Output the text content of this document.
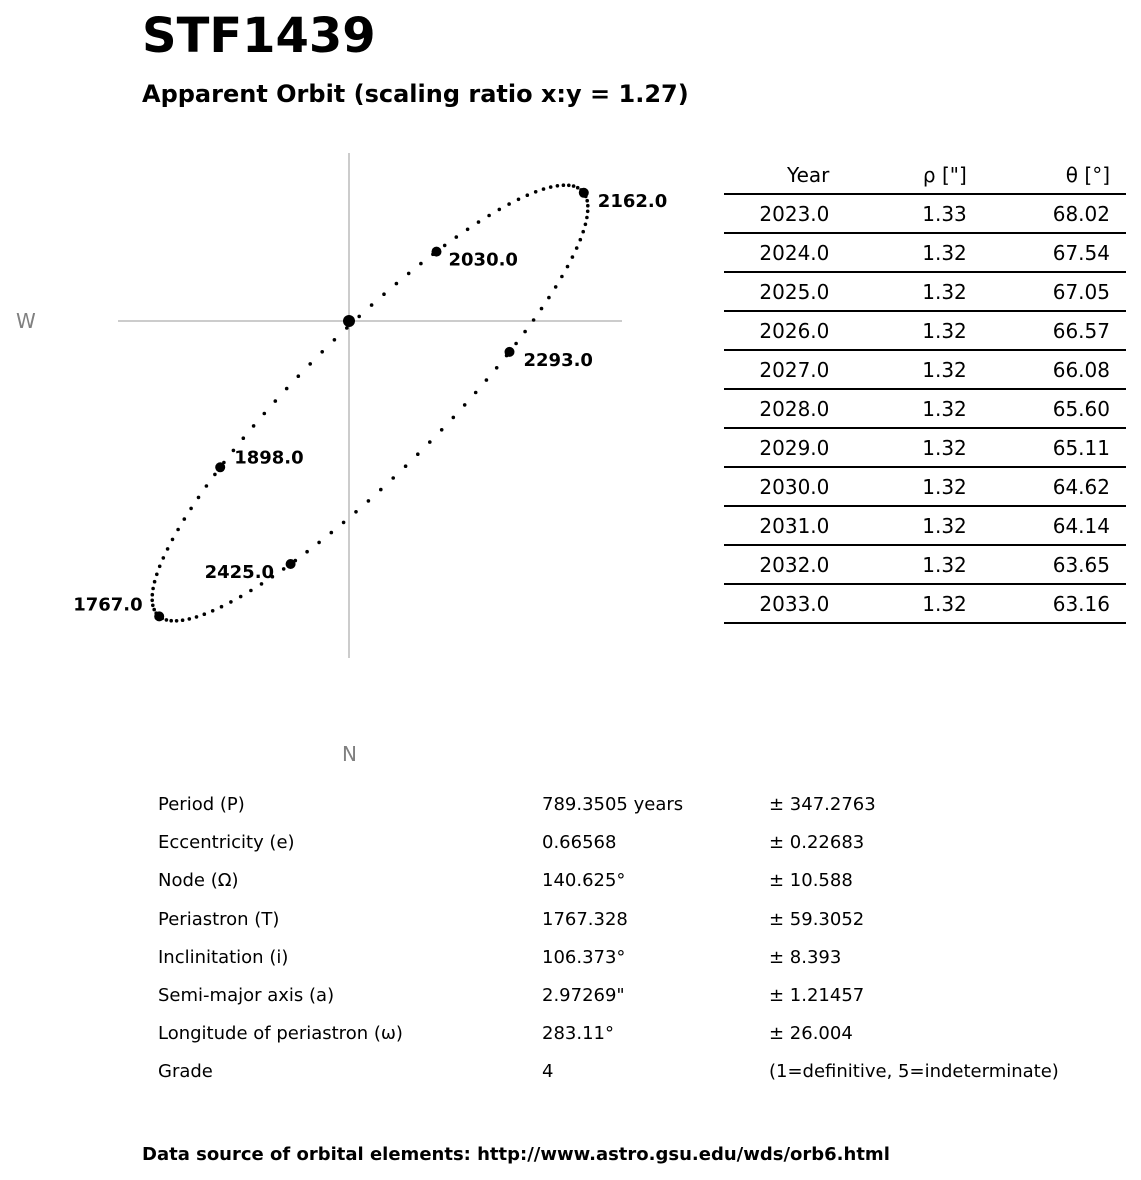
STF1439
Apparent Orbit (scaling ratio x:y = 1.27)
W
N
1767.0
1898.0
2030.0
2162.0
2293.0
2425.0
Year	ρ ["]	θ [°]
2023.0	1.33	68.02
2024.0	1.32	67.54
2025.0	1.32	67.05
2026.0	1.32	66.57
2027.0	1.32	66.08
2028.0	1.32	65.60
2029.0	1.32	65.11
2030.0	1.32	64.62
2031.0	1.32	64.14
2032.0	1.32	63.65
2033.0	1.32	63.16
Period (P)	789.3505 years	± 347.2763
Eccentricity (e)	0.66568	± 0.22683
Node (Ω)	140.625°	± 10.588
Periastron (T)	1767.328	± 59.3052
Inclinitation (i)	106.373°	± 8.393
Semi-major axis (a)	2.97269"	± 1.21457
Longitude of periastron (ω)	283.11°	± 26.004
Grade	4	(1=definitive, 5=indeterminate)

Data source of orbital elements: http://www.astro.gsu.edu/wds/orb6.html
